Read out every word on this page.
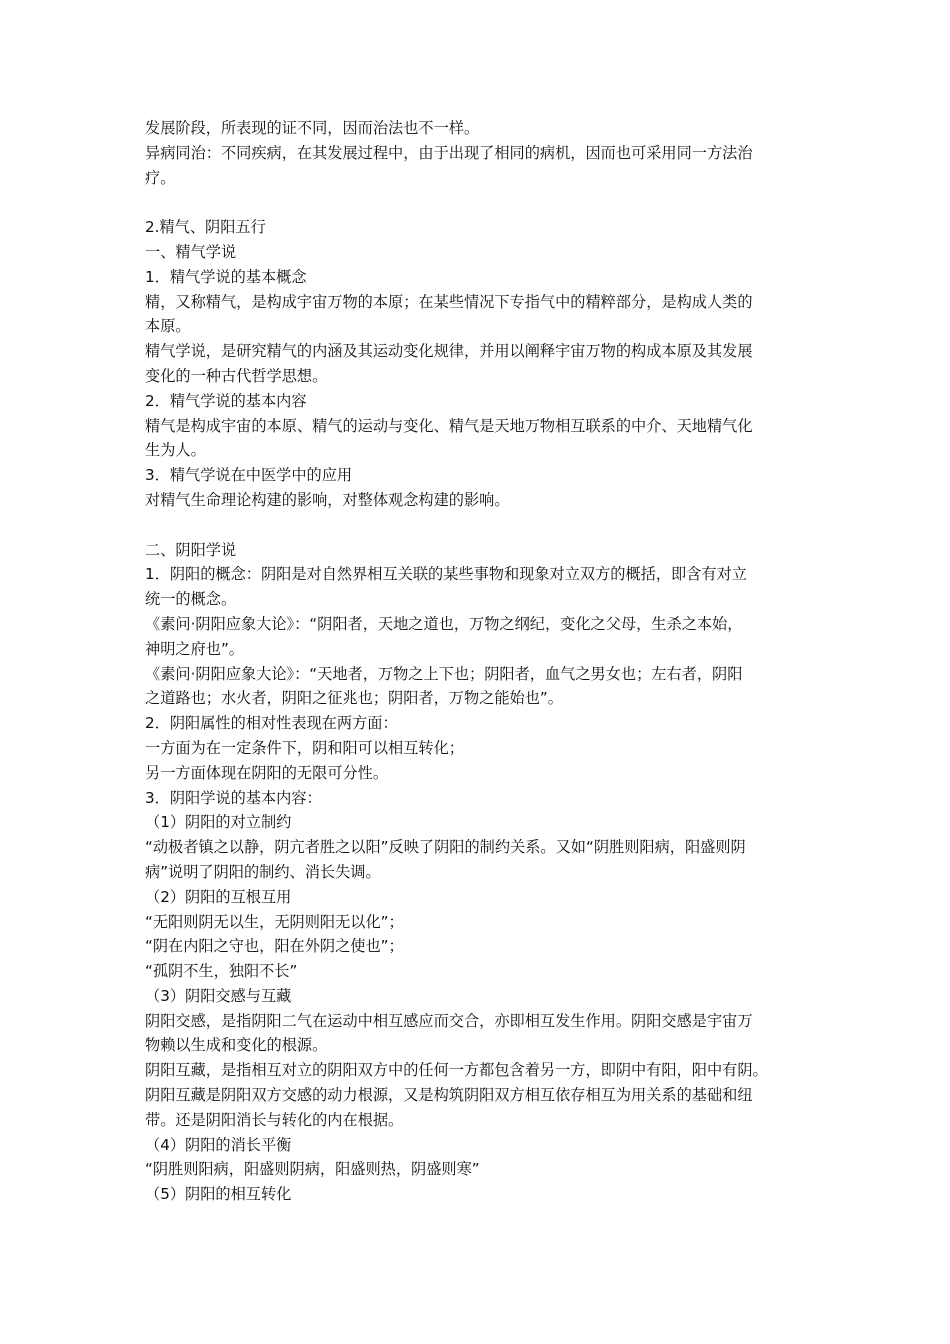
发展阶段，所表现的证不同，因而治法也不一样。
异病同治：不同疾病，在其发展过程中，由于出现了相同的病机，因而也可采用同一方法治
疗。
2.精气、阴阳五行
一、精气学说
1．精气学说的基本概念
精，又称精气，是构成宇宙万物的本原；在某些情况下专指气中的精粹部分，是构成人类的
本原。
精气学说，是研究精气的内涵及其运动变化规律，并用以阐释宇宙万物的构成本原及其发展
变化的一种古代哲学思想。
2．精气学说的基本内容
精气是构成宇宙的本原、精气的运动与变化、精气是天地万物相互联系的中介、天地精气化
生为人。
3．精气学说在中医学中的应用
对精气生命理论构建的影响，对整体观念构建的影响。
二、阴阳学说
1．阴阳的概念：阴阳是对自然界相互关联的某些事物和现象对立双方的概括，即含有对立
统一的概念。
《素问·阴阳应象大论》：“阴阳者，天地之道也，万物之纲纪，变化之父母，生杀之本始，
神明之府也”。
《素问·阴阳应象大论》：“天地者，万物之上下也；阴阳者，血气之男女也；左右者，阴阳
之道路也；水火者，阴阳之征兆也；阴阳者，万物之能始也”。
2．阴阳属性的相对性表现在两方面：
一方面为在一定条件下，阴和阳可以相互转化；
另一方面体现在阴阳的无限可分性。
3．阴阳学说的基本内容：
（1）阴阳的对立制约
“动极者镇之以静，阴亢者胜之以阳”反映了阴阳的制约关系。又如“阴胜则阳病，阳盛则阴
病”说明了阴阳的制约、消长失调。
（2）阴阳的互根互用
“无阳则阴无以生，无阴则阳无以化”；
“阴在内阳之守也，阳在外阴之使也”；
“孤阴不生，独阳不长”
（3）阴阳交感与互藏
阴阳交感，是指阴阳二气在运动中相互感应而交合，亦即相互发生作用。阴阳交感是宇宙万
物赖以生成和变化的根源。
阴阳互藏，是指相互对立的阴阳双方中的任何一方都包含着另一方，即阴中有阳，阳中有阴。
阴阳互藏是阴阳双方交感的动力根源，又是构筑阴阳双方相互依存相互为用关系的基础和纽
带。还是阴阳消长与转化的内在根据。
（4）阴阳的消长平衡
“阴胜则阳病，阳盛则阴病，阳盛则热，阴盛则寒”
（5）阴阳的相互转化
